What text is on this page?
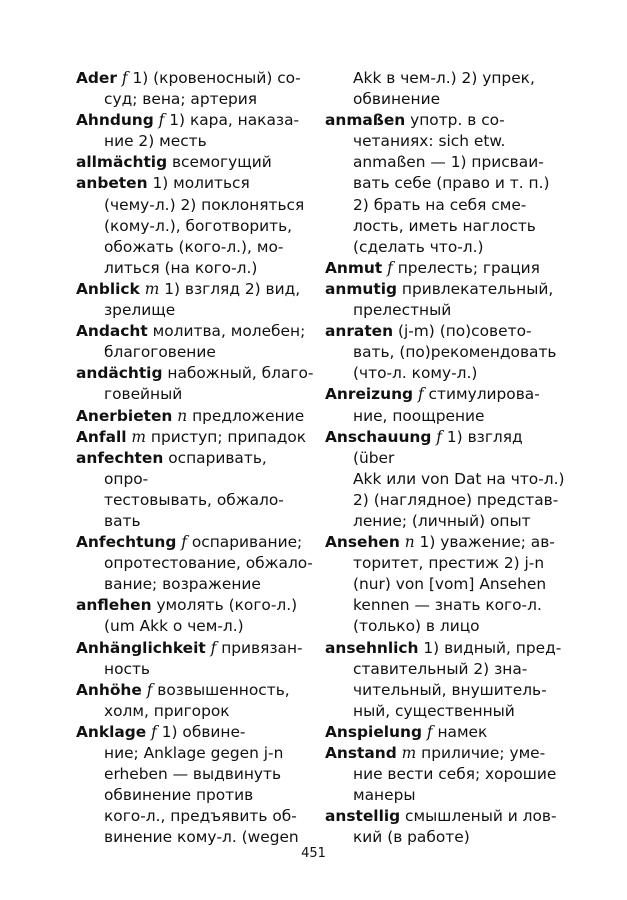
Ader f 1) (кровеносный) со-
суд; вена; артерия
Ahndung f 1) кара, наказа-
ние 2) месть
allmächtig всемогущий
anbeten 1) молиться
(чему-л.) 2) поклоняться
(кому-л.), боготворить,
обожать (кого-л.), мо-
литься (на кого-л.)
Anblick m 1) взгляд 2) вид,
зрелище
Andacht молитва, молебен;
благоговение
andächtig набожный, благо-
говейный
Anerbieten n предложение
Anfall m приступ; припадок
anfechten оспаривать, опро-
тестовывать, обжало-
вать
Anfechtung f оспаривание;
опротестование, обжало-
вание; возражение
anflehen умолять (кого-л.)
(um Akk о чем-л.)
Anhänglichkeit f привязан-
ность
Anhöhe f возвышенность,
холм, пригорок
Anklage f 1) обвине-
ние; Anklage gegen j-n
erheben — выдвинуть
обвинение против
кого-л., предъявить об-
винение кому-л. (wegen
Akk в чем-л.) 2) упрек,
обвинение
anmaßen употр. в со-
четаниях: sich etw.
anmaßen — 1) присваи-
вать себе (право и т. п.)
2) брать на себя сме-
лость, иметь наглость
(сделать что-л.)
Anmut f прелесть; грация
anmutig привлекательный,
прелестный
anraten (j-m) (по)совето-
вать, (по)рекомендовать
(что-л. кому-л.)
Anreizung f стимулирова-
ние, поощрение
Anschauung f 1) взгляд (über
Akk или von Dat на что-л.)
2) (наглядное) представ-
ление; (личный) опыт
Ansehen n 1) уважение; ав-
торитет, престиж 2) j-n
(nur) von [vom] Ansehen
kennen — знать кого-л.
(только) в лицо
ansehnlich 1) видный, пред-
ставительный 2) зна-
чительный, внушитель-
ный, существенный
Anspielung f намек
Anstand m приличие; уме-
ние вести себя; хорошие
манеры
anstellig смышленый и лов-
кий (в работе)
451
